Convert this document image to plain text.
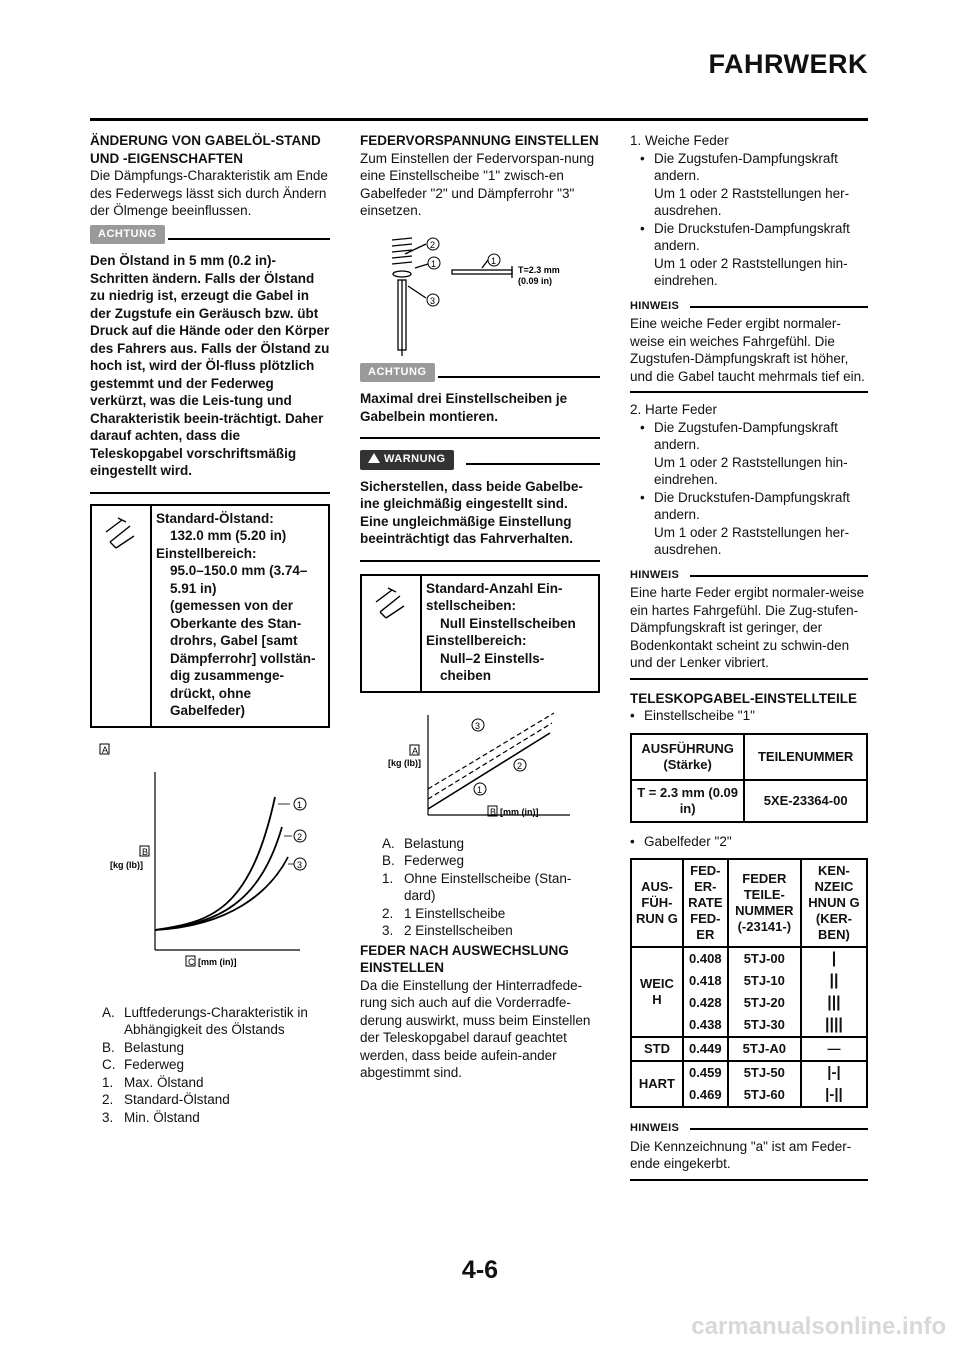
FAHRWERK
ÄNDERUNG VON GABELÖL-STAND UND -EIGENSCHAFTEN

Die Dämpfungs-Charakteristik am Ende des Federwegs lässt sich durch Ändern der Ölmenge beeinflussen.

ACHTUNG
Den Ölstand in 5 mm (0.2 in)-Schritten ändern. Falls der Ölstand zu niedrig ist, erzeugt die Gabel in der Zugstufe ein Geräusch bzw. übt Druck auf die Hände oder den Körper des Fahrers aus. Falls der Ölstand zu hoch ist, wird der Öl-fluss plötzlich gestemmt und der Federweg verkürzt, was die Leis-tung und Charakteristik beein-trächtigt. Daher darauf achten, dass die Teleskopgabel vorschriftsmäßig eingestellt wird.
Standard-Ölstand:
132.0 mm (5.20 in)
Einstellbereich:
95.0–150.0 mm (3.74–5.91 in)
(gemessen von der Oberkante des Stan-drohrs, Gabel [samt Dämpferrohr] vollstän-dig zusammenge-drückt, ohne Gabelfeder)
A
1
2
3
B
[kg (lb)]
C [mm (in)]
A. Luftfederungs-Charakteristik in Abhängigkeit des Ölstands
B. Belastung
C. Federweg
1. Max. Ölstand
2. Standard-Ölstand
3. Min. Ölstand
FEDERVORSPANNUNG EINSTELLEN

Zum Einstellen der Federvorspan-nung eine Einstellscheibe "1" zwisch-en Gabelfeder "2" und Dämpferrohr "3" einsetzen.

2
1
3
1
T=2.3 mm
(0.09 in)
ACHTUNG
Maximal drei Einstellscheiben je Gabelbein montieren.
WARNUNG
Sicherstellen, dass beide Gabelbe-ine gleichmäßig eingestellt sind. Eine ungleichmäßige Einstellung beeinträchtigt das Fahrverhalten.
Standard-Anzahl Ein-stellscheiben:
Null Einstellscheiben
Einstellbereich:
Null–2 Einstells-cheiben
3
2
1
A
[kg (lb)]
B [mm (in)]
A. Belastung
B. Federweg
1. Ohne Einstellscheibe (Stan-dard)
2. 1 Einstellscheibe
3. 2 Einstellscheiben
FEDER NACH AUSWECHSLUNG EINSTELLEN

Da die Einstellung der Hinterradfede-rung sich auch auf die Vorderradfe-derung auswirkt, muss beim Einstellen der Teleskopgabel darauf geachtet werden, dass beide aufein-ander abgestimmt sind.

1. Weiche Feder
• Die Zugstufen-Dampfungskraft andern.
Um 1 oder 2 Raststellungen her-ausdrehen.
• Die Druckstufen-Dampfungskraft andern.
Um 1 oder 2 Raststellungen hin-eindrehen.
HINWEIS
Eine weiche Feder ergibt normaler-weise ein weiches Fahrgefühl. Die Zugstufen-Dämpfungskraft ist höher, und die Gabel taucht mehrmals tief ein.
2. Harte Feder
• Die Zugstufen-Dampfungskraft andern.
Um 1 oder 2 Raststellungen hin-eindrehen.
• Die Druckstufen-Dampfungskraft andern.
Um 1 oder 2 Raststellungen her-ausdrehen.
HINWEIS
Eine harte Feder ergibt normaler-weise ein hartes Fahrgefühl. Die Zug-stufen-Dämpfungskraft ist geringer, der Bodenkontakt scheint zu schwin-den und der Lenker vibriert.
TELESKOPGABEL-EINSTELLTEILE
• Einstellscheibe "1"
AUSFÜHRUNG (Stärke)	TEILENUMMER
T = 2.3 mm (0.09 in)	5XE-23364-00
• Gabelfeder "2"
AUS-FÜH-RUN G	FED-ER-RATE FED-ER	FEDER TEILE-NUMMER (-23141-)	KEN-NZEIC HNUN G (KER-BEN)
WEIC H	0.408	5TJ-00	|
	0.418	5TJ-10	||
	0.428	5TJ-20	|||
	0.438	5TJ-30	||||
STD	0.449	5TJ-A0	—
HART	0.459	5TJ-50	|-|
	0.469	5TJ-60	|-||
HINWEIS
Die Kennzeichnung "a" ist am Feder-ende eingekerbt.
4-6
carmanualsonline.info
